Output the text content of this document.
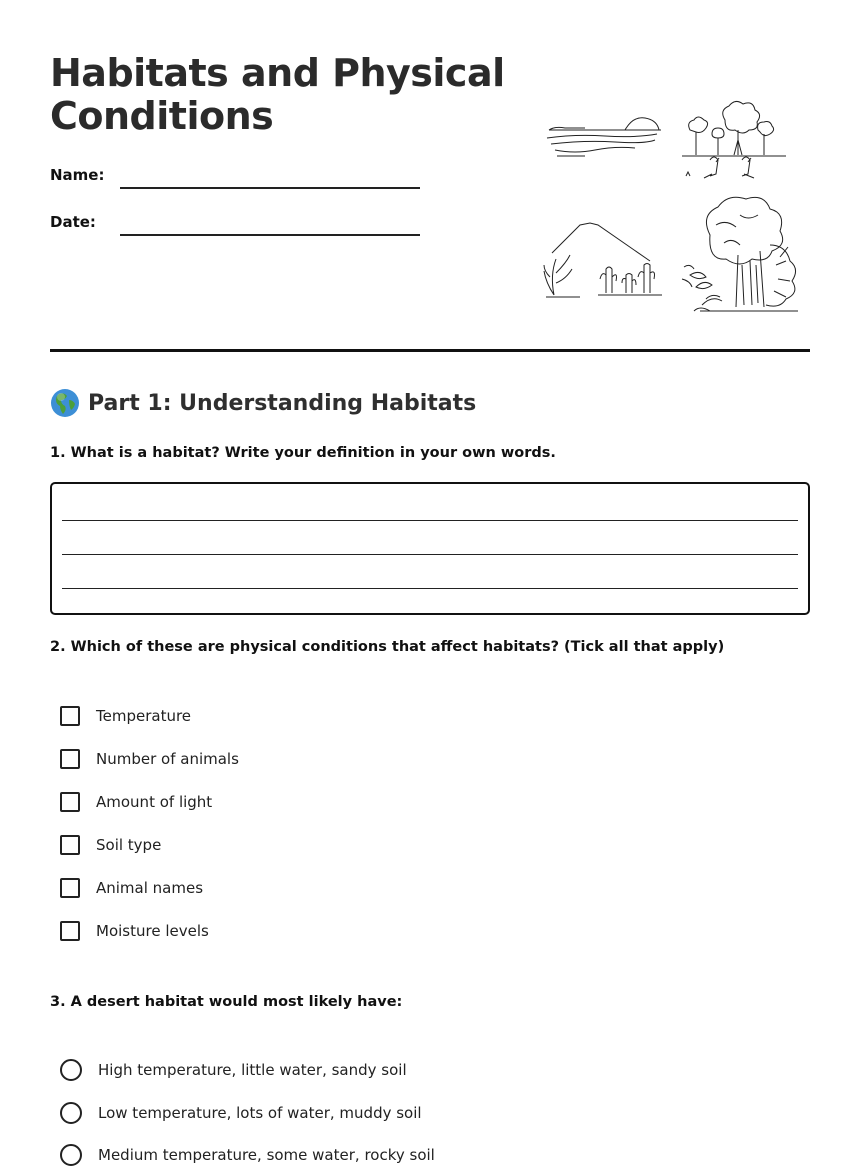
Habitats and Physical Conditions
Name:
Date:
Part 1: Understanding Habitats

1. What is a habitat? Write your definition in your own words.

2. Which of these are physical conditions that affect habitats? (Tick all that apply)

Temperature
Number of animals
Amount of light
Soil type
Animal names
Moisture levels

3. A desert habitat would most likely have:

High temperature, little water, sandy soil
Low temperature, lots of water, muddy soil
Medium temperature, some water, rocky soil
